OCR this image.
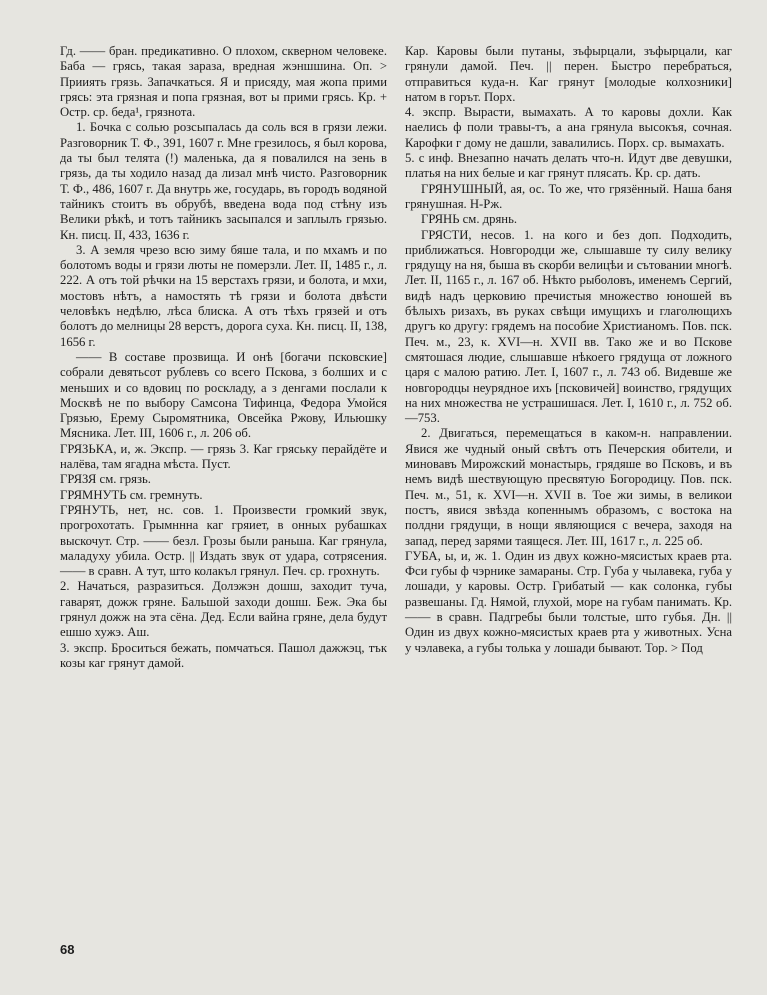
Гд. —— бран. предикативно. О плохом, скверном человеке. Баба — грясь, такая зараза, вредная жэншшина. Оп. > Прииять грязь. Запачкаться. Я и присяду, мая жопа прими грясь: эта грязная и попа грязная, вот ы прими грясь. Кр. + Остр. ср. беда¹, грязнота.

1. Бочка с солью розсыпалась да соль вся в грязи лежи. Разговорник Т. Ф., 391, 1607 г. Мне грезилось, я был корова, да ты был телята (!) маленька, да я повалился на зень в грязь, да ты ходило назад да лизал мнѣ чисто. Разговорник Т. Ф., 486, 1607 г. Да внутрь же, государь, въ городъ водяной тайникъ стоитъ въ обрубѣ, введена вода под стѣну изъ Велики рѣкѣ, и тотъ тайникъ засыпался и заплылъ грязью. Кн. писц. II, 433, 1636 г.

3. А земля чрезо всю зиму бяше тала, и по мхамъ и по болотомъ воды и грязи люты не померзли. Лет. II, 1485 г., л. 222. А отъ той рѣчки на 15 верстахъ грязи, и болота, и мхи, мостовъ нѣтъ, а намостять тѣ грязи и болота двѣсти человѣкъ недѣлю, лѣса блиска. А отъ тѣхъ грязей и отъ болотъ до мелницы 28 верстъ, дорога суха. Кн. писц. II, 138, 1656 г.

—— В составе прозвища. И онѣ [богачи псковские] собрали девятьсот рублевъ со всего Пскова, з болших и с меньших и со вдовиц по роскладу, а з денгами послали к Москвѣ не по выбору Самсона Тифинца, Федора Умойся Грязью, Ерему Сыромятника, Овсейка Ржову, Ильюшку Мясника. Лет. III, 1606 г., л. 206 об.

ГРЯЗЬКА, и, ж. Экспр. — грязь 3. Каг гряську перайдёте и налёва, там ягадна мѣста. Пуст.

ГРЯЗЯ см. грязь.

ГРЯМНУТЬ см. гремнуть.

ГРЯНУТЬ, нет, нс. сов. 1. Произвести громкий звук, прогрохотать. Грымннна каг гряиет, в онных рубашках выскочут. Стр. —— безл. Грозы были раньша. Каг грянула, маладуху убила. Остр. || Издать звук от удара, сотрясения. —— в сравн. А тут, што колакъл грянул. Печ. ср. грохнуть.

2. Начаться, разразиться. Долэжэн дошш, заходит туча, гаварят, дожж гряне. Бальшой заходи дошш. Беж. Эка бы грянул дожж на эта сёна. Дед. Если вайна гряне, дела будут ешшо хужэ. Аш.

3. экспр. Броситься бежать, помчаться. Пашол дажжэц, тък козы каг грянут дамой.

Кар. Каровы были путаны, зъфырцали, зъфырцали, каг грянули дамой. Печ. || перен. Быстро перебраться, отправиться куда-н. Каг грянут [молодые колхозники] натом в горът. Порх.

4. экспр. Вырасти, вымахать. А то каровы дохли. Как наелись ф поли травы-тъ, а ана грянула высокъя, сочная. Карофки г дому не дашли, завалились. Порх. ср. вымахать.

5. с инф. Внезапно начать делать что-н. Идут две девушки, платья на них белые и каг грянут плясать. Кр. ср. дать.

ГРЯНУШНЫЙ, ая, ос. То же, что грязённый. Наша баня грянушная. Н-Рж.

ГРЯНЬ см. дрянь.

ГРЯСТИ, несов. 1. на кого и без доп. Подходить, приближаться. Новгородци же, слышавше ту силу велику грядущу на ня, быша въ скорби велицѣи и сътовании многѣ. Лет. II, 1165 г., л. 167 об. Нѣкто рыболовъ, именемъ Сергий, видѣ надъ церковию пречистыя множество юношей въ бѣлыхъ ризахъ, въ руках свѣщи имущихъ и глаголющихъ другъ ко другу: грядемъ на пособие Христианомъ. Пов. пск. Печ. м., 23, к. XVI—н. XVII вв. Тако же и во Пскове смятошася людие, слышавше нѣкоего грядуща от ложного царя с малою ратию. Лет. I, 1607 г., л. 743 об. Видевше же новгородцы неурядное ихъ [псковичей] воинство, грядущих на них множества не устрашишася. Лет. I, 1610 г., л. 752 об.—753.

2. Двигаться, перемещаться в каком-н. направлении. Явися же чудный оный свѣтъ отъ Печерския обители, и миновавъ Мирожский монастырь, грядяше во Псковъ, и въ немъ видѣ шествующую пресвятую Богородицу. Пов. пск. Печ. м., 51, к. XVI—н. XVII в. Тое жи зимы, в великои постъ, явися звѣзда копеннымъ образомъ, с востока на полдни грядущи, в нощи являющися с вечера, заходя на запад, перед зарями таящеся. Лет. III, 1617 г., л. 225 об.

ГУБА, ы, и, ж. 1. Один из двух кожно-мясистых краев рта. Фси губы ф чэрнике замараны. Стр. Губа у чылавека, губа у лошади, у каровы. Остр. Грибатый — как солонка, губы развешаны. Гд. Нямой, глухой, море на губам панимать. Кр. —— в сравн. Падгребы были толстые, што губья. Дн. || Один из двух кожно-мясистых краев рта у животных. Усна у чэлавека, а губы толька у лошади бывают. Тор. > Под

68
